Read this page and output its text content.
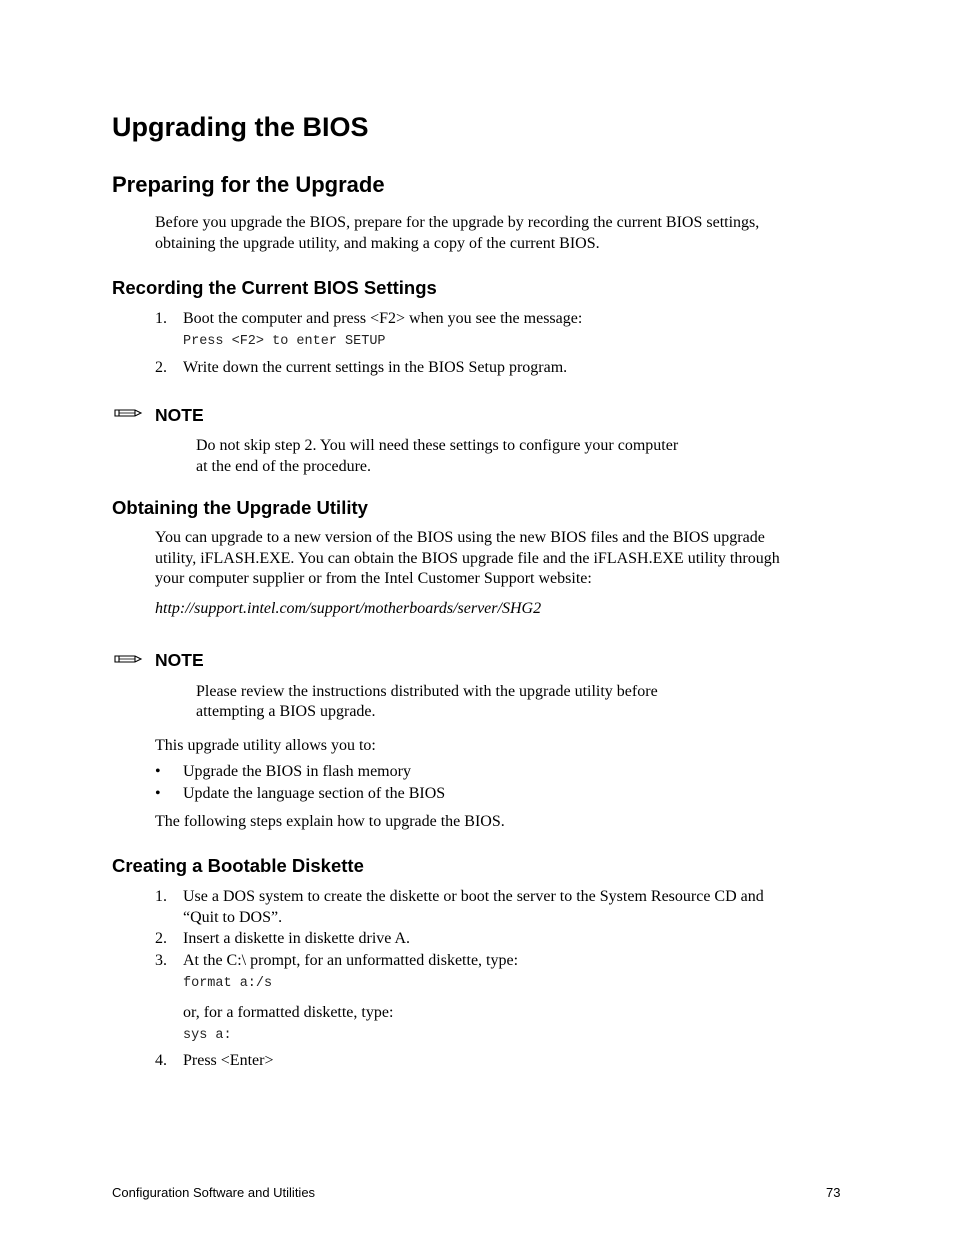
Upgrading the BIOS
Preparing for the Upgrade
Before you upgrade the BIOS, prepare for the upgrade by recording the current BIOS settings,
obtaining the upgrade utility, and making a copy of the current BIOS.
Recording the Current BIOS Settings
1. Boot the computer and press <F2> when you see the message:
Press <F2> to enter SETUP
2. Write down the current settings in the BIOS Setup program.
NOTE
Do not skip step 2. You will need these settings to configure your computer
at the end of the procedure.
Obtaining the Upgrade Utility
You can upgrade to a new version of the BIOS using the new BIOS files and the BIOS upgrade
utility, iFLASH.EXE. You can obtain the BIOS upgrade file and the iFLASH.EXE utility through
your computer supplier or from the Intel Customer Support website:
http://support.intel.com/support/motherboards/server/SHG2
NOTE
Please review the instructions distributed with the upgrade utility before
attempting a BIOS upgrade.
This upgrade utility allows you to:
• Upgrade the BIOS in flash memory
• Update the language section of the BIOS
The following steps explain how to upgrade the BIOS.
Creating a Bootable Diskette
1. Use a DOS system to create the diskette or boot the server to the System Resource CD and
“Quit to DOS”.
2. Insert a diskette in diskette drive A.
3. At the C:\ prompt, for an unformatted diskette, type:
format a:/s
or, for a formatted diskette, type:
sys a:
4. Press <Enter>
Configuration Software and Utilities	73
